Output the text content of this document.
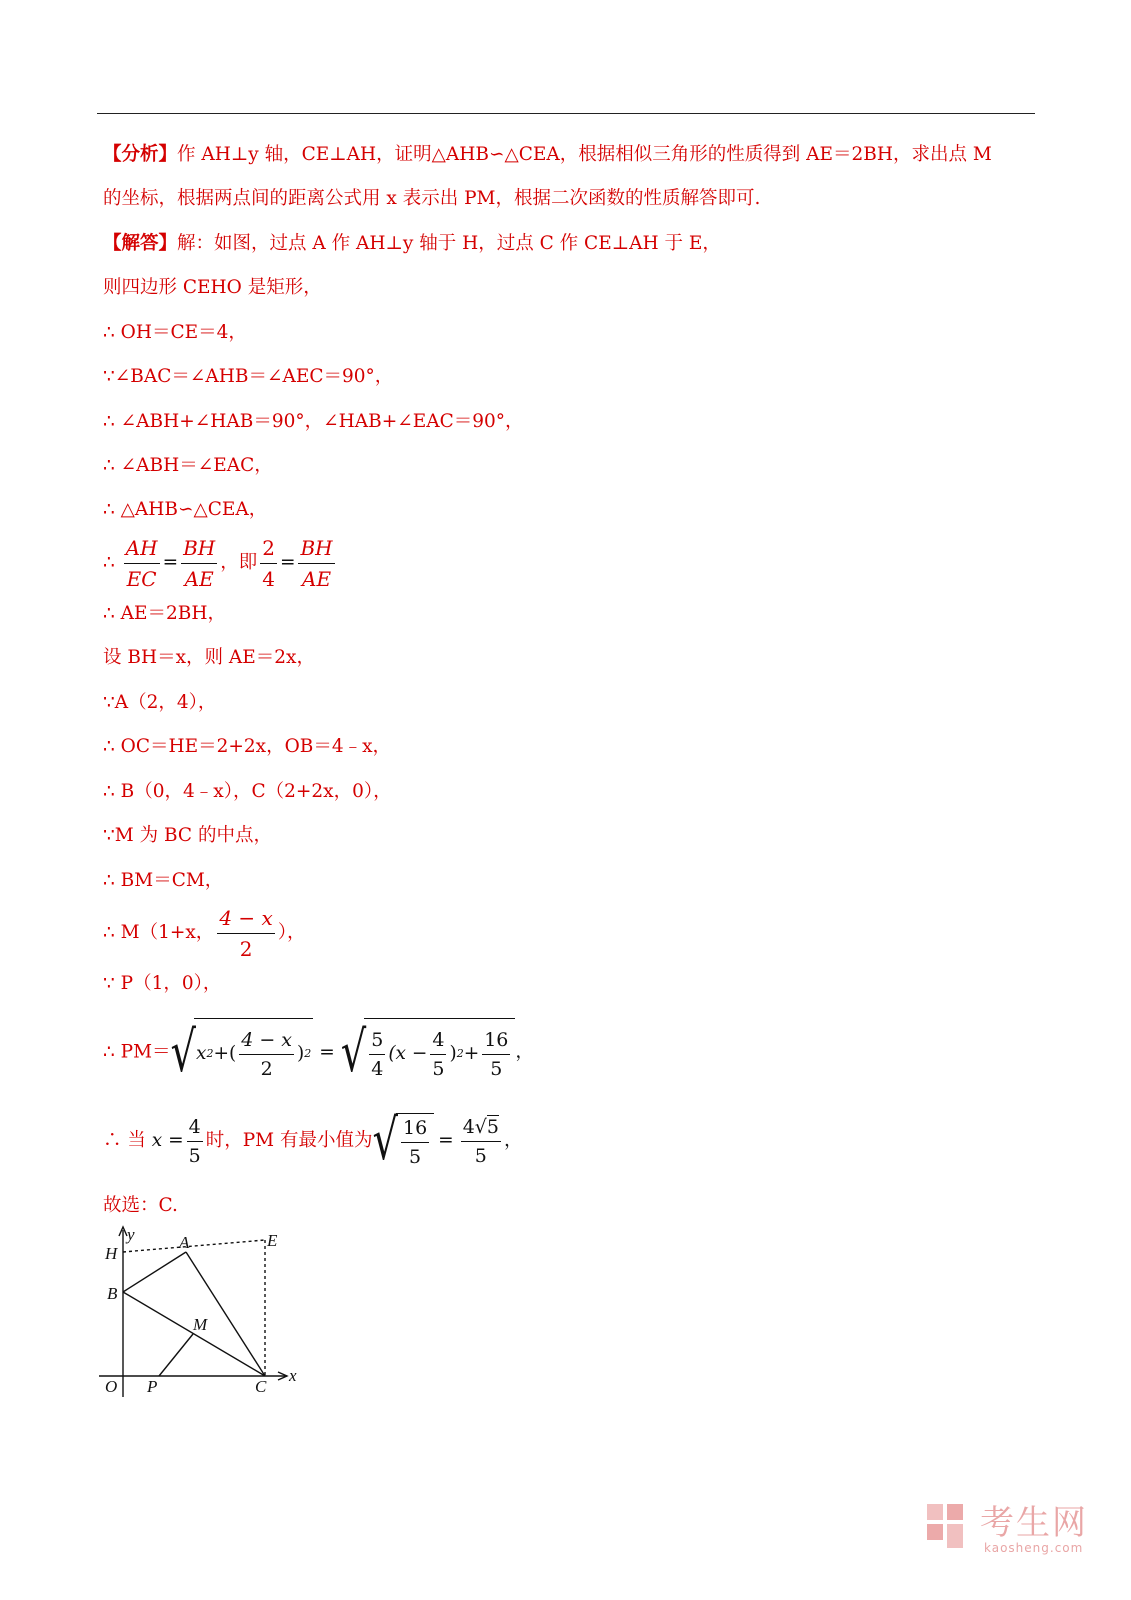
【分析】作 AH⊥y 轴，CE⊥AH，证明△AHB∽△CEA，根据相似三角形的性质得到 AE＝2BH，求出点 M
的坐标，根据两点间的距离公式用 x 表示出 PM，根据二次函数的性质解答即可.
【解答】解：如图，过点 A 作 AH⊥y 轴于 H，过点 C 作 CE⊥AH 于 E，
则四边形 CEHO 是矩形，
∴ OH＝CE＝4，
∵∠BAC＝∠AHB＝∠AEC＝90°，
∴ ∠ABH+∠HAB＝90°，∠HAB+∠EAC＝90°，
∴ ∠ABH＝∠EAC，
∴ △AHB∽△CEA，
∴ $\frac{AH}{EC} = \frac{BH}{AE}$ ，即 $\frac{2}{4} = \frac{BH}{AE}$
∴ AE＝2BH，
设 BH＝x，则 AE＝2x，
∵A（2，4），
∴ OC＝HE＝2+2x，OB＝4﹣x，
∴ B（0，4﹣x），C（2+2x，0），
∵M 为 BC 的中点，
∴ BM＝CM，
∴ M（1+x， $\frac{4 - x}{2}$ ），
∵ P（1，0），
∴ PM＝ √ x 2 +( $\frac{4 - x}{2}$ ) 2 = √ $\frac{5}{4} (x - \frac{4}{5}$ ) $2 + \frac{16}{5}$ ，
∴ 当 $x = \frac{4}{5}$ 时，PM 有最小值为 √ $\frac{16}{5} = \frac{4√5}{5}$ ，
故选：C.
y
H
A	E
B
M
O P	C
x
考生网
kaosheng.com
